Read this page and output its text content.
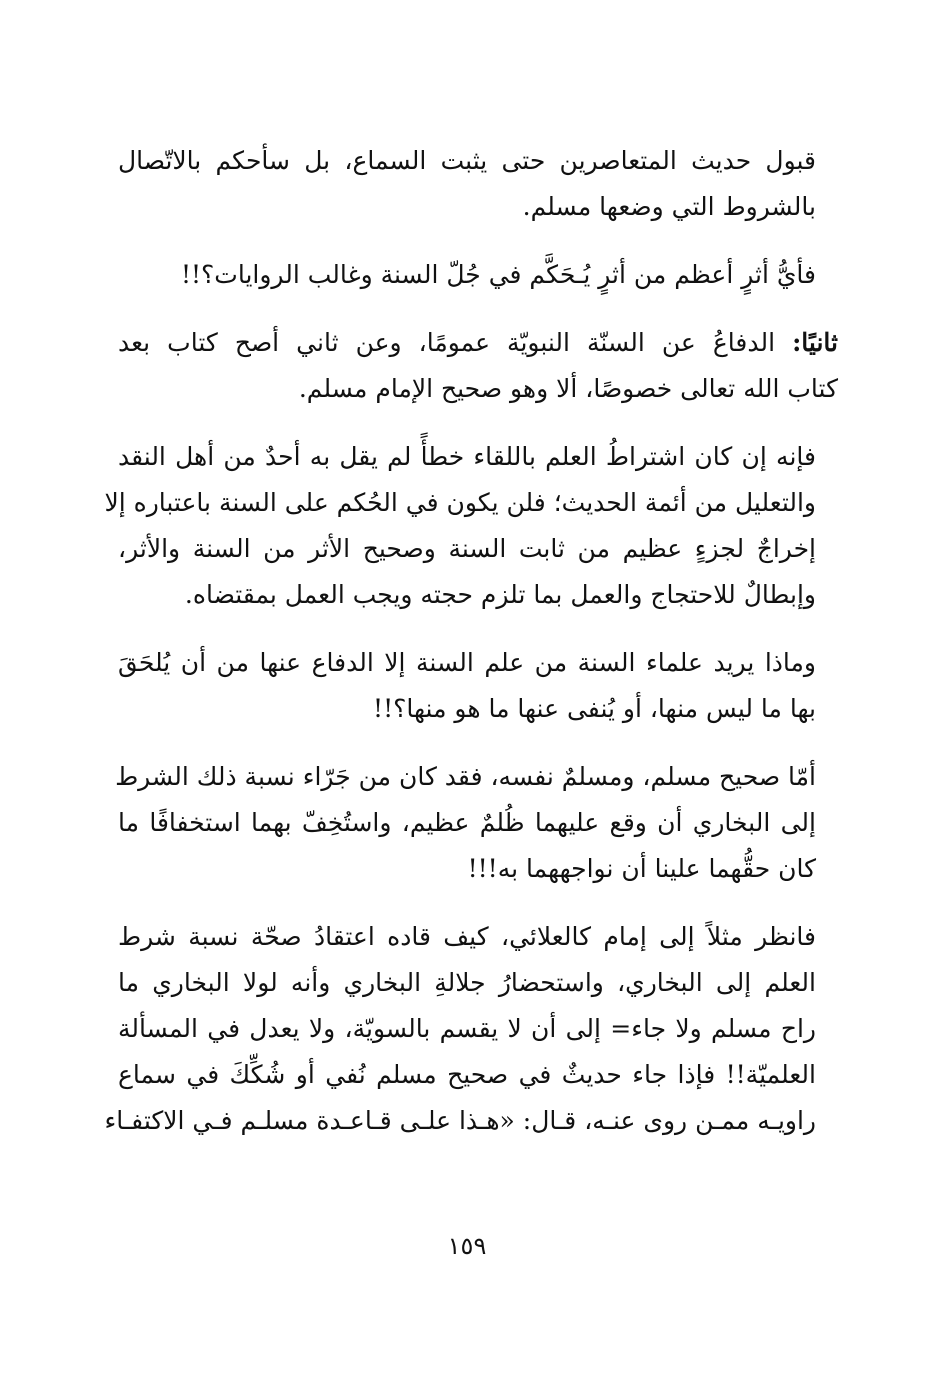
قبول حديث المتعاصرين حتى يثبت السماع، بل سأحكم بالاتّصال
بالشروط التي وضعها مسلم.

فأيُّ أثرٍ أعظم من أثرٍ يُـحَكَّم في جُلّ السنة وغالب الروايات؟!!

ثانيًا: الدفاعُ عن السنّة النبويّة عمومًا، وعن ثاني أصح كتاب بعد
كتاب الله تعالى خصوصًا، ألا وهو صحيح الإمام مسلم.

فإنه إن كان اشتراطُ العلم باللقاء خطأً لم يقل به أحدٌ من أهل النقد
والتعليل من أئمة الحديث؛ فلن يكون في الحُكم على السنة باعتباره إلا
إخراجٌ لجزءٍ عظيم من ثابت السنة وصحيح الأثر من السنة والأثر،
وإبطالٌ للاحتجاج والعمل بما تلزم حجته ويجب العمل بمقتضاه.

وماذا يريد علماء السنة من علم السنة إلا الدفاع عنها من أن يُلحَقَ
بها ما ليس منها، أو يُنفى عنها ما هو منها؟!!

أمّا صحيح مسلم، ومسلمٌ نفسه، فقد كان من جَرّاء نسبة ذلك الشرط
إلى البخاري أن وقع عليهما ظُلمٌ عظيم، واستُخِفّ بهما استخفافًا ما
كان حقُّهما علينا أن نواجههما به!!!

فانظر مثلاً إلى إمام كالعلائي، كيف قاده اعتقادُ صحّة نسبة شرط
العلم إلى البخاري، واستحضارُ جلالةِ البخاري وأنه لولا البخاري ما
راح مسلم ولا جاء= إلى أن لا يقسم بالسويّة، ولا يعدل في المسألة
العلميّة!! فإذا جاء حديثٌ في صحيح مسلم نُفي أو شُكِّكَ في سماع
راويـه ممـن روى عنـه، قـال: «هـذا علـى قـاعـدة مسلـم فـي الاكتفـاء

١٥٩
